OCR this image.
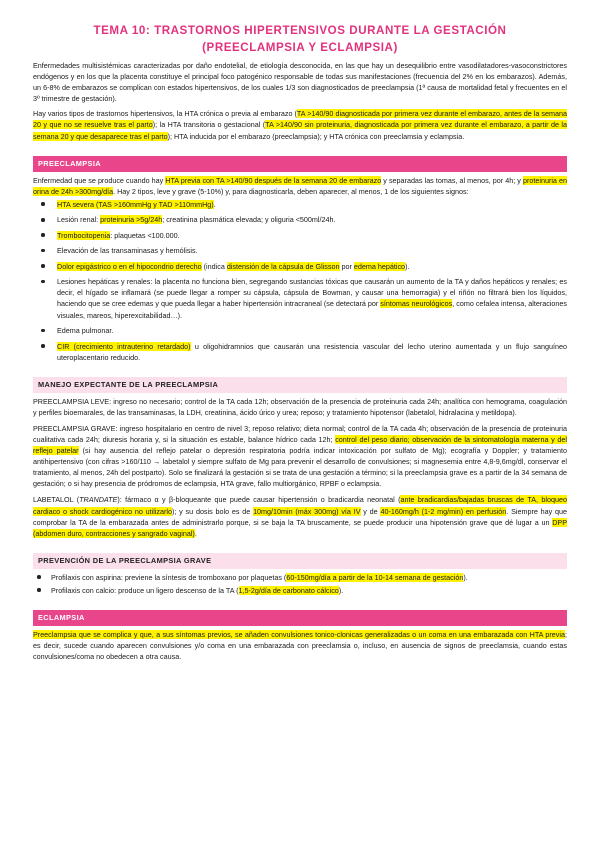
TEMA 10: TRASTORNOS HIPERTENSIVOS DURANTE LA GESTACIÓN
(PREECLAMPSIA Y ECLAMPSIA)

Enfermedades multisistémicas caracterizadas por daño endotelial, de etiología desconocida, en las que hay un desequilibrio entre vasodilatadores-vasoconstrictores endógenos y en los que la placenta constituye el principal foco patogénico responsable de todas sus manifestaciones (frecuencia del 2% en los embarazos). Además, un 6-8% de embarazos se complican con estados hipertensivos, de los cuales 1/3 son diagnosticados de preeclampsia (1ª causa de mortalidad fetal y frecuentes en el 3º trimestre de gestación).

Hay varios tipos de trastornos hipertensivos, la HTA crónica o previa al embarazo (TA >140/90 diagnosticada por primera vez durante el embarazo, antes de la semana 20 y que no se resuelve tras el parto); la HTA transitoria o gestacional (TA >140/90 sin proteinuria, diagnosticada por primera vez durante el embarazo, a partir de la semana 20 y que desaparece tras el parto); HTA inducida por el embarazo (preeclampsia); y HTA crónica con preeclamsia y eclampsia.

PREECLAMPSIA

Enfermedad que se produce cuando hay HTA previa con TA >140/90 después de la semana 20 de embarazo y separadas las tomas, al menos, por 4h; y proteinuria en orina de 24h >300mg/día. Hay 2 tipos, leve y grave (5-10%) y, para diagnosticarla, deben aparecer, al menos, 1 de los siguientes signos:

HTA severa (TAS >160mmHg y TAD >110mmHg).
Lesión renal: proteinuria >5g/24h; creatinina plasmática elevada; y oliguria <500ml/24h.
Trombocitopenia: plaquetas <100.000.
Elevación de las transaminasas y hemólisis.
Dolor epigástrico o en el hipocondrio derecho (indica distensión de la cápsula de Glisson por edema hepático).
Lesiones hepáticas y renales: la placenta no funciona bien, segregando sustancias tóxicas que causarán un aumento de la TA y daños hepáticos y renales; es decir, el hígado se inflamará (se puede llegar a romper su cápsula, cápsula de Bowman, y causar una hemorragia) y el riñón no filtrará bien los líquidos, haciendo que se cree edemas y que pueda llegar a haber hipertensión intracraneal (se detectará por síntomas neurológicos, como cefalea intensa, alteraciones visuales, mareos, hiperexcitabilidad…).
Edema pulmonar.
CIR (crecimiento intrauterino retardado) u oligohidramnios que causarán una resistencia vascular del lecho uterino aumentada y un flujo sanguíneo uteroplacentario reducido.
MANEJO EXPECTANTE DE LA PREECLAMPSIA

PREECLAMPSIA LEVE: ingreso no necesario; control de la TA cada 12h; observación de la presencia de proteinuria cada 24h; analítica con hemograma, coagulación y perfiles bioemarales, de las transaminasas, la LDH, creatinina, ácido úrico y urea; reposo; y tratamiento hipotensor (labetalol, hidralacina y metildopa).

PREECLAMPSIA GRAVE: ingreso hospitalario en centro de nivel 3; reposo relativo; dieta normal; control de la TA cada 4h; observación de la presencia de proteinuria cualitativa cada 24h; diuresis horaria y, si la situación es estable, balance hídrico cada 12h; control del peso diario; observación de la sintomatología materna y del reflejo patelar (si hay ausencia del reflejo patelar o depresión respiratoria podría indicar intoxicación por sulfato de Mg); ecografía y Doppler; y tratamiento antihipertensivo (con cifras >160/110 → labetalol y siempre sulfato de Mg para prevenir el desarrollo de convulsiones; si magnesemia entre 4,8-9,6mg/dl, conservar el tratamiento, al menos, 24h del postparto). Solo se finalizará la gestación si se trata de una gestación a término; si la preeclampsia grave es a partir de la 34 semana de gestación; o si hay presencia de pródromos de eclampsia, HTA grave, fallo multiorgánico, RPBF o eclampsia.

LABETALOL (TRANDATE): fármaco α y β-bloqueante que puede causar hipertensión o bradicardia neonatal (ante bradicardias/bajadas bruscas de TA, bloqueo cardiaco o shock cardiogénico no utilizarlo); y su dosis bolo es de 10mg/10min (máx 300mg) vía IV y de 40-160mg/h (1-2 mg/min) en perfusión. Siempre hay que comprobar la TA de la embarazada antes de administrarlo porque, si se baja la TA bruscamente, se puede producir una hipotensión grave que dé lugar a un DPP (abdomen duro, contracciones y sangrado vaginal).

PREVENCIÓN DE LA PREECLAMPSIA GRAVE
Profilaxis con aspirina: previene la síntesis de tromboxano por plaquetas (60-150mg/día a partir de la 10-14 semana de gestación).
Profilaxis con calcio: produce un ligero descenso de la TA (1,5-2g/día de carbonato cálcico).
ECLAMPSIA

Preeclampsia que se complica y que, a sus síntomas previos, se añaden convulsiones tonico-clonicas generalizadas o un coma en una embarazada con HTA previa; es decir, sucede cuando aparecen convulsiones y/o coma en una embarazada con preeclamsia o, incluso, en ausencia de signos de preeclamsia, cuando estas convulsiones/coma no obedecen a otra causa.
